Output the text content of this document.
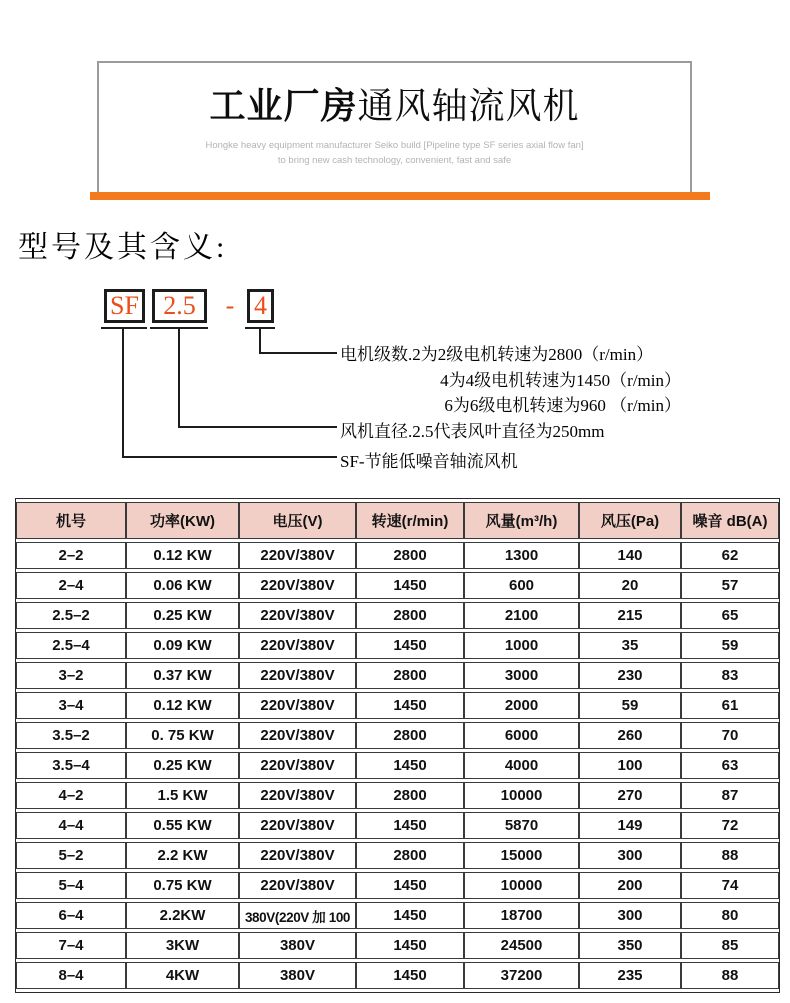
工业厂房通风轴流风机
Hongke heavy equipment manufacturer Seiko build [Pipeline type SF series axial flow fan]
to bring new cash technology, convenient, fast and safe
型号及其含义:
SF 2.5	- 4
电机级数.2为2级电机转速为2800（r/min）
4为4级电机转速为1450（r/min）
6为6级电机转速为960 （r/min）
风机直径.2.5代表风叶直径为250mm
SF-节能低噪音轴流风机
机号	功率(KW)	电压(V)	转速(r/min)	风量(m³/h)	风压(Pa)	噪音 dB(A)
2–2	0.12 KW	220V/380V	2800	1300	140	62
2–4	0.06 KW	220V/380V	1450	600	20	57
2.5–2	0.25 KW	220V/380V	2800	2100	215	65
2.5–4	0.09 KW	220V/380V	1450	1000	35	59
3–2	0.37 KW	220V/380V	2800	3000	230	83
3–4	0.12 KW	220V/380V	1450	2000	59	61
3.5–2	0. 75 KW	220V/380V	2800	6000	260	70
3.5–4	0.25 KW	220V/380V	1450	4000	100	63
4–2	1.5 KW	220V/380V	2800	10000	270	87
4–4	0.55 KW	220V/380V	1450	5870	149	72
5–2	2.2 KW	220V/380V	2800	15000	300	88
5–4	0.75 KW	220V/380V	1450	10000	200	74
6–4	2.2KW	380V(220V 加 100	1450	18700	300	80
7–4	3KW	380V	1450	24500	350	85
8–4	4KW	380V	1450	37200	235	88
